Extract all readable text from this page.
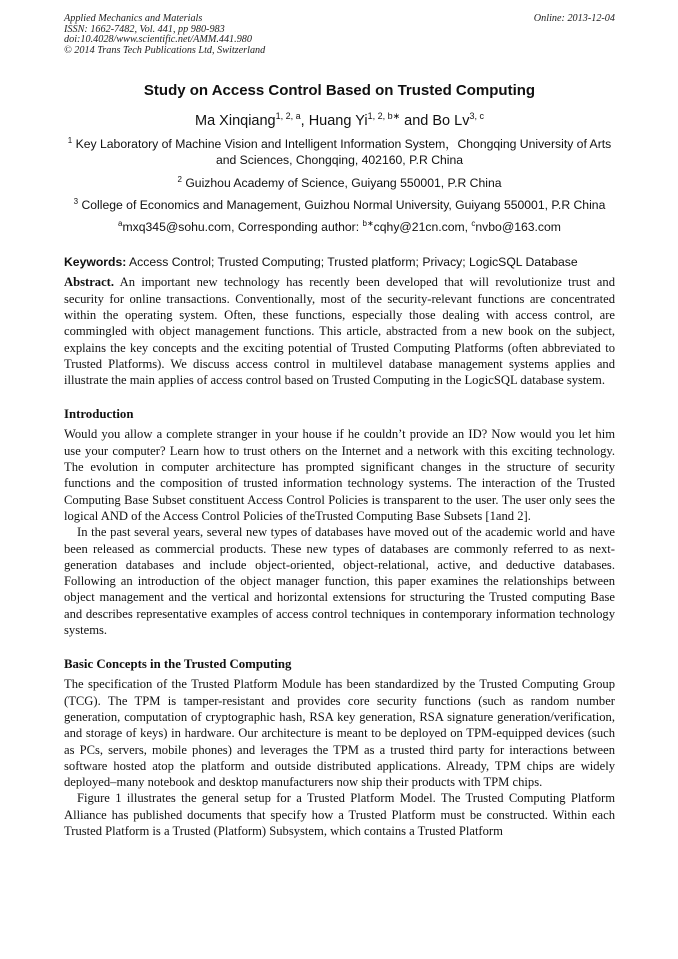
Applied Mechanics and Materials
ISSN: 1662-7482, Vol. 441, pp 980-983
doi:10.4028/www.scientific.net/AMM.441.980
© 2014 Trans Tech Publications Ltd, Switzerland
Online: 2013-12-04
Study on Access Control Based on Trusted Computing
Ma Xinqiang$^{1, 2, a}$, Huang $Yi^{1, 2, b∗}$ and Bo Lv$^{3, c}$
$^1$ Key Laboratory of Machine Vision and Intelligent Information System，Chongqing University of Arts
and Sciences, Chongqing, 402160, P.R China
$^2$ Guizhou Academy of Science, Guiyang 550001, P.R China
$^3$ College of Economics and Management, Guizhou Normal University, Guiyang 550001, P.R China
$^a$mxq345@sohu.com, Corresponding author: $^{b∗}$cqhy@21cn.com, $^c$nvbo@163.com
Keywords: Access Control; Trusted Computing; Trusted platform; Privacy; LogicSQL Database

Abstract. An important new technology has recently been developed that will revolutionize trust and security for online transactions. Conventionally, most of the security-relevant functions are concentrated within the operating system. Often, these functions, especially those dealing with access control, are commingled with object management functions. This article, abstracted from a new book on the subject, explains the key concepts and the exciting potential of Trusted Computing Platforms (often abbreviated to Trusted Platforms). We discuss access control in multilevel database management systems applies and illustrate the main applies of access control based on Trusted Computing in the LogicSQL database system.

Introduction

Would you allow a complete stranger in your house if he couldn’t provide an ID? Now would you let him use your computer? Learn how to trust others on the Internet and a network with this exciting technology. The evolution in computer architecture has prompted significant changes in the structure of security functions and the composition of trusted information technology systems. The interaction of the Trusted Computing Base Subset constituent Access Control Policies is transparent to the user. The user only sees the logical AND of the Access Control Policies of theTrusted Computing Base Subsets [1and 2].

In the past several years, several new types of databases have moved out of the academic world and have been released as commercial products. These new types of databases are commonly referred to as next-generation databases and include object-oriented, object-relational, active, and deductive databases. Following an introduction of the object manager function, this paper examines the relationships between object management and the vertical and horizontal extensions for structuring the Trusted computing Base and describes representative examples of access control techniques in contemporary information technology systems.

Basic Concepts in the Trusted Computing

The specification of the Trusted Platform Module has been standardized by the Trusted Computing Group (TCG). The TPM is tamper-resistant and provides core security functions (such as random number generation, computation of cryptographic hash, RSA key generation, RSA signature generation/verification, and storage of keys) in hardware. Our architecture is meant to be deployed on TPM-equipped devices (such as PCs, servers, mobile phones) and leverages the TPM as a trusted third party for interactions between software hosted atop the platform and outside distributed applications. Already, TPM chips are widely deployed–many notebook and desktop manufacturers now ship their products with TPM chips.

Figure 1 illustrates the general setup for a Trusted Platform Model. The Trusted Computing Platform Alliance has published documents that specify how a Trusted Platform must be constructed. Within each Trusted Platform is a Trusted (Platform) Subsystem, which contains a Trusted Platform
